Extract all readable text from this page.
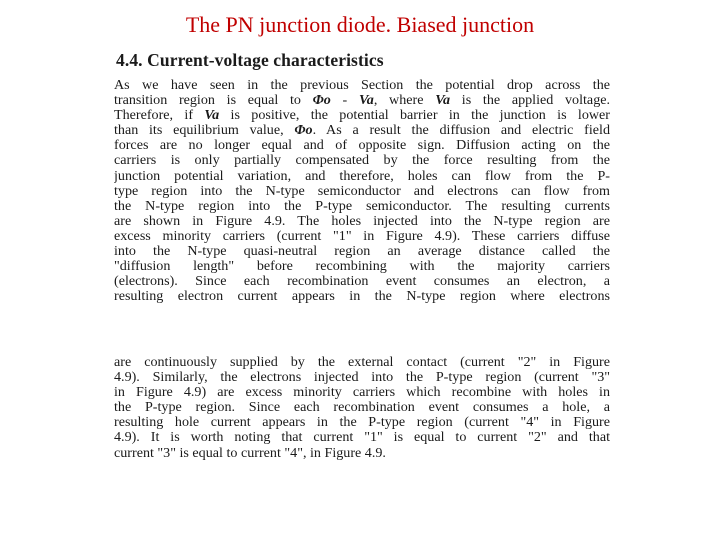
The PN junction diode. Biased junction
4.4. Current-voltage characteristics
As we have seen in the previous Section the potential drop across the
transition region is equal to Φo - Va, where Va is the applied voltage.
Therefore, if Va is positive, the potential barrier in the junction is lower
than its equilibrium value, Φo. As a result the diffusion and electric field
forces are no longer equal and of opposite sign. Diffusion acting on the
carriers is only partially compensated by the force resulting from the
junction potential variation, and therefore, holes can flow from the P-
type region into the N-type semiconductor and electrons can flow from
the N-type region into the P-type semiconductor. The resulting currents
are shown in Figure 4.9. The holes injected into the N-type region are
excess minority carriers (current "1" in Figure 4.9). These carriers diffuse
into the N-type quasi-neutral region an average distance called the
"diffusion length" before recombining with the majority carriers
(electrons). Since each recombination event consumes an electron, a
resulting electron current appears in the N-type region where electrons
are continuously supplied by the external contact (current "2" in Figure
4.9). Similarly, the electrons injected into the P-type region (current "3"
in Figure 4.9) are excess minority carriers which recombine with holes in
the P-type region. Since each recombination event consumes a hole, a
resulting hole current appears in the P-type region (current "4" in Figure
4.9). It is worth noting that current "1" is equal to current "2" and that
current "3" is equal to current "4", in Figure 4.9.
